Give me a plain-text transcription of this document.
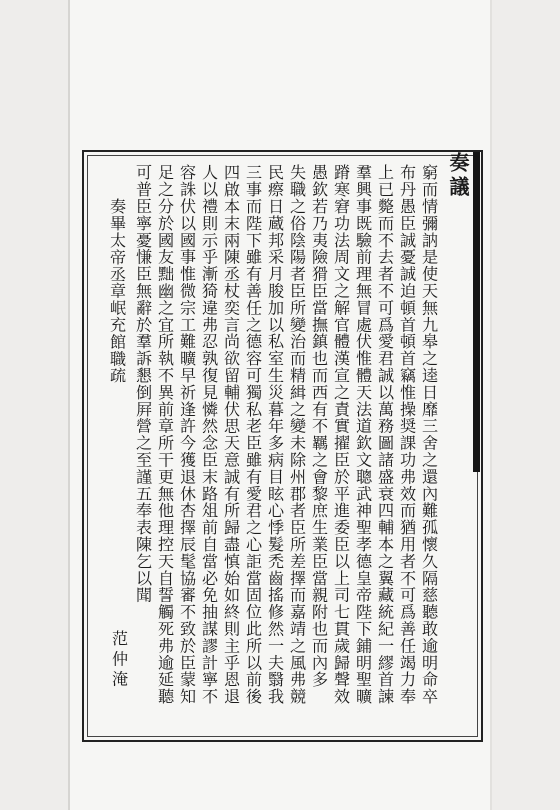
奏議
窮而情彌訥是使天無九皋之逵日靡三舍之還內難孤懷久隔慈聽敢逾明命卒
布丹愚臣誠憂誠迫頓首頓首竊惟操奨課功弗效而猶用者不可爲善任竭力奉
上已斃而不去者不可爲愛君誠以萬務圖諸盛衰四輔本之翼藏統紀一繆首諫
羣興事既驗前理無冒處伏惟體天法道欽文聰武神聖孝德皇帝陛下鋪明聖曠
蹐寒窘功法周文之解官體漢宣之責實擢臣於平進委臣以上司七貫歲歸聲效
愚欽若乃夷險猾臣當撫鎮也而西有不羈之會黎庶生業臣當親附也而內多
失職之俗陰陽者臣所變治而精緝之變未除州郡者臣所差擇而嘉靖之風弗競
民瘵日蔵邦采月朘加以私室生災暮年多病目眩心悸髮禿齒搖修然一夫翳我
三事而陛下雖有善任之德容可獨私老臣雖有愛君之心詎當固位此所以前後
四啟本末兩陳丞杖奕言尚欲留輔伏思天意誠有所歸盡慎始如終則主乎恩退
人以禮則示乎漸猗違弗忍孰復見憐然念臣末路俎前自當必免抽謀謬計寧不
容誅伏以國事惟微宗工難曠早祈逢許今獲退休杏擇辰髦協審不致於臣蒙知
足之分於國友黜幽之宜所執不異前章所干更無他理控天自誓觸死弗逾延聽
可普臣寧憂慊臣無辭於羣訴懇倒屛營之至謹五奉表陳乞以聞
奏畢太帝丞章岷充館職疏
范仲淹
